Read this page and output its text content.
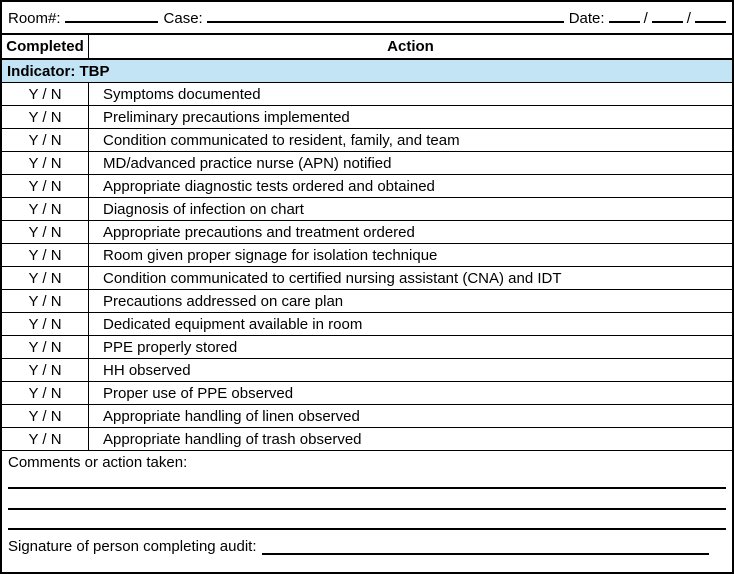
Room#:	Case:	Date:	/	/
Completed	Action
Indicator: TBP
Y / N	Symptoms documented
Y / N	Preliminary precautions implemented
Y / N	Condition communicated to resident, family, and team
Y / N	MD/advanced practice nurse (APN) notified
Y / N	Appropriate diagnostic tests ordered and obtained
Y / N	Diagnosis of infection on chart
Y / N	Appropriate precautions and treatment ordered
Y / N	Room given proper signage for isolation technique
Y / N	Condition communicated to certified nursing assistant (CNA) and IDT
Y / N	Precautions addressed on care plan
Y / N	Dedicated equipment available in room
Y / N	PPE properly stored
Y / N	HH observed
Y / N	Proper use of PPE observed
Y / N	Appropriate handling of linen observed
Y / N	Appropriate handling of trash observed
Comments or action taken:
Signature of person completing audit:
